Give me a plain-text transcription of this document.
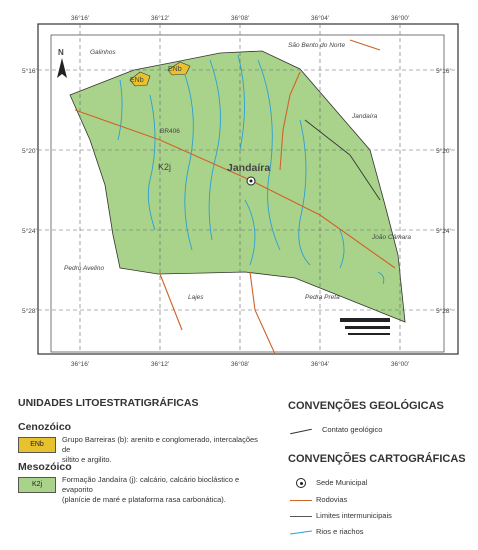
N
36°16'	36°12'	36°08'	36°04'	36°00'
36°16'	36°12'	36°08'	36°04'	36°00'
5°16'
5°20'
5°24'
5°28'
5°16'
5°20'
5°24'
5°28'
Galinhos
São Bento do Norte
Jandaíra
João Câmara
Pedro Avelino
Lajes	Pedra Preta
Jandaíra
BR406
K2j
ENb
ENb
UNIDADES LITOESTRATIGRÁFICAS
Cenozóico
ENb
Grupo Barreiras (b): arenito e conglomerado, intercalações de
siltito e argilito.
Mesozóico
K2j
Formação Jandaíra (j): calcário, calcário bioclástico e evaporito
(planície de maré e plataforma rasa carbonática).
CONVENÇÕES GEOLÓGICAS
Contato geológico
CONVENÇÕES CARTOGRÁFICAS
Sede Municipal
Rodovias
Limites intermunicipais
Rios e riachos
